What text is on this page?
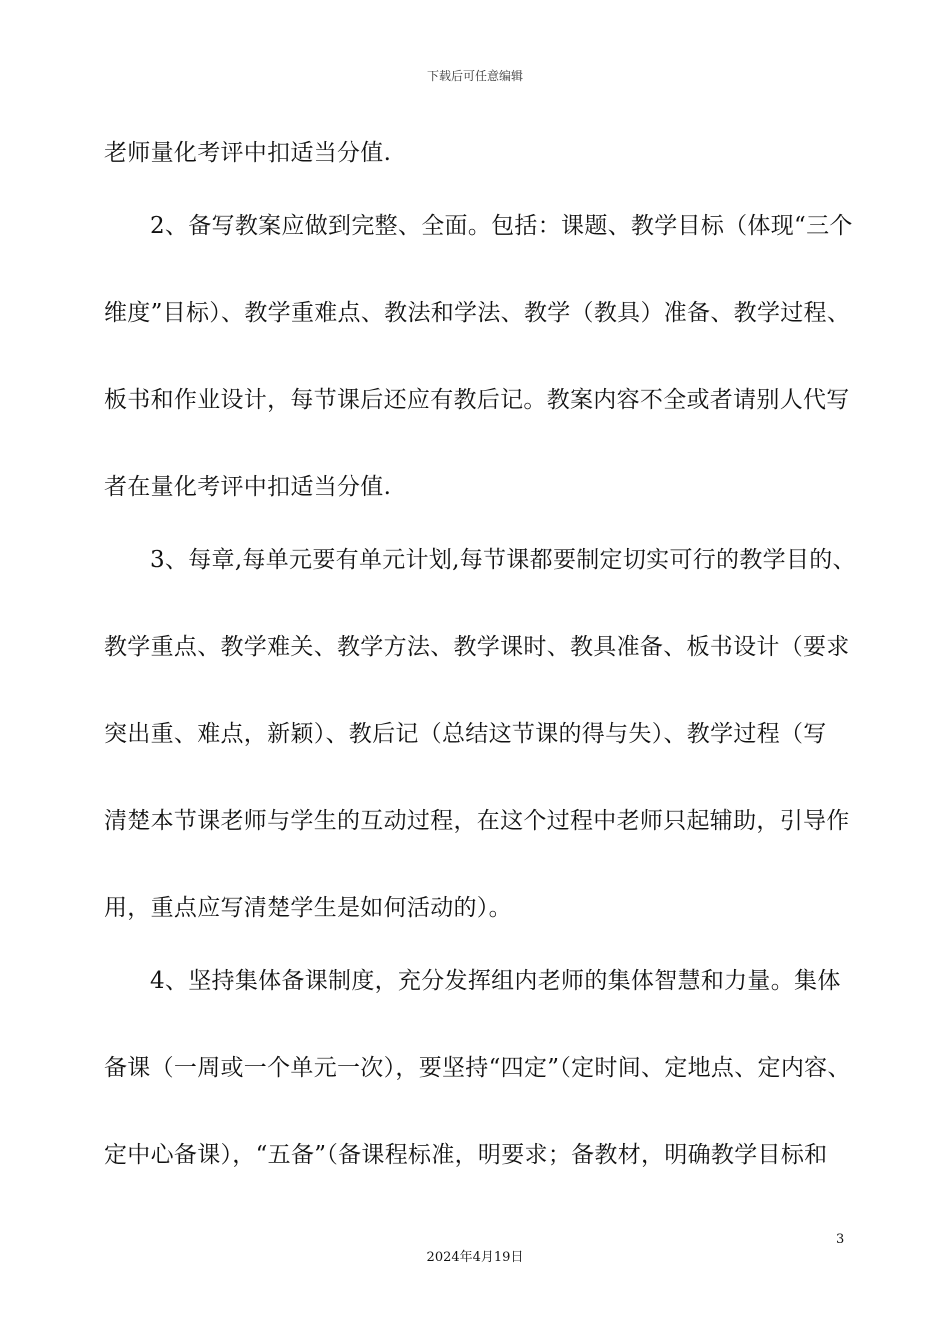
下载后可任意编辑
老师量化考评中扣适当分值.
2、备写教案应做到完整、全面。包括：课题、教学目标（体现“三个
维度”目标）、教学重难点、教法和学法、教学（教具）准备、教学过程、
板书和作业设计，每节课后还应有教后记。教案内容不全或者请别人代写
者在量化考评中扣适当分值.
3、每章,每单元要有单元计划,每节课都要制定切实可行的教学目的、
教学重点、教学难关、教学方法、教学课时、教具准备、板书设计（要求
突出重、难点，新颖）、教后记（总结这节课的得与失）、教学过程（写
清楚本节课老师与学生的互动过程，在这个过程中老师只起辅助，引导作
用，重点应写清楚学生是如何活动的）。
4、坚持集体备课制度，充分发挥组内老师的集体智慧和力量。集体
备课（一周或一个单元一次），要坚持“四定”（定时间、定地点、定内容、
定中心备课），“五备”（备课程标准，明要求；备教材，明确教学目标和
3
2024年4月19日
